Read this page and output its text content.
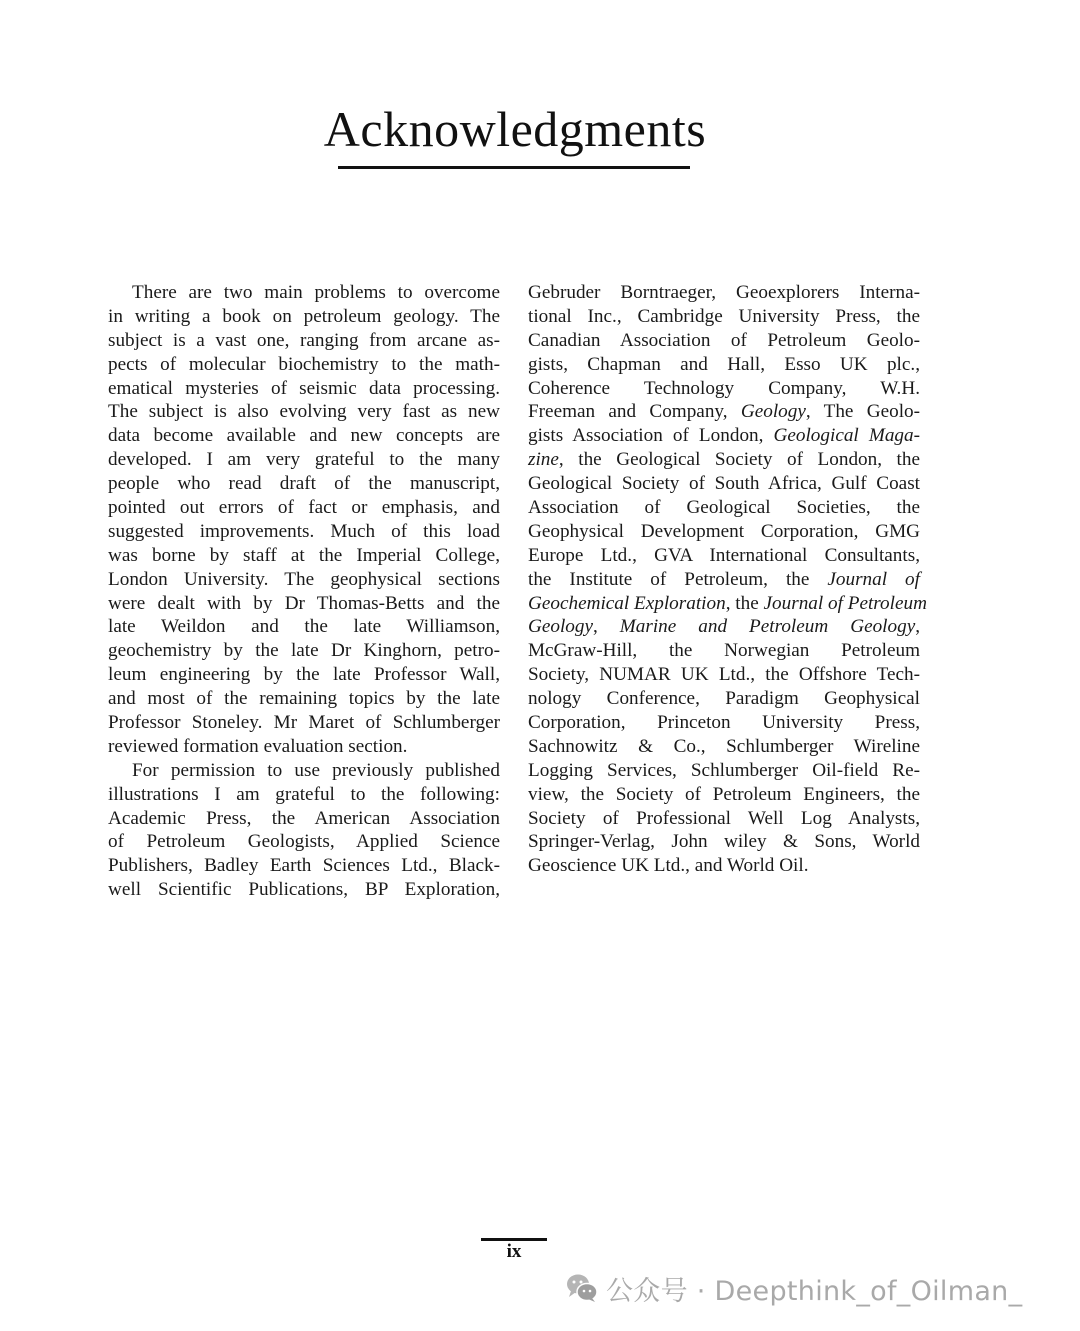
Acknowledgments
There are two main problems to overcome
in writing a book on petroleum geology. The
subject is a vast one, ranging from arcane as-
pects of molecular biochemistry to the math-
ematical mysteries of seismic data processing.
The subject is also evolving very fast as new
data become available and new concepts are
developed. I am very grateful to the many
people who read draft of the manuscript,
pointed out errors of fact or emphasis, and
suggested improvements. Much of this load
was borne by staff at the Imperial College,
London University. The geophysical sections
were dealt with by Dr Thomas-Betts and the
late Weildon and the late Williamson,
geochemistry by the late Dr Kinghorn, petro-
leum engineering by the late Professor Wall,
and most of the remaining topics by the late
Professor Stoneley. Mr Maret of Schlumberger
reviewed formation evaluation section.
For permission to use previously published
illustrations I am grateful to the following:
Academic Press, the American Association
of Petroleum Geologists, Applied Science
Publishers, Badley Earth Sciences Ltd., Black-
well Scientific Publications, BP Exploration,
Gebruder Borntraeger, Geoexplorers Interna-
tional Inc., Cambridge University Press, the
Canadian Association of Petroleum Geolo-
gists, Chapman and Hall, Esso UK plc.,
Coherence Technology Company, W.H.
Freeman and Company, Geology, The Geolo-
gists Association of London, Geological Maga-
zine, the Geological Society of London, the
Geological Society of South Africa, Gulf Coast
Association of Geological Societies, the
Geophysical Development Corporation, GMG
Europe Ltd., GVA International Consultants,
the Institute of Petroleum, the Journal of
Geochemical Exploration, the Journal of Petroleum
Geology, Marine and Petroleum Geology,
McGraw-Hill, the Norwegian Petroleum
Society, NUMAR UK Ltd., the Offshore Tech-
nology Conference, Paradigm Geophysical
Corporation, Princeton University Press,
Sachnowitz & Co., Schlumberger Wireline
Logging Services, Schlumberger Oil-field Re-
view, the Society of Petroleum Engineers, the
Society of Professional Well Log Analysts,
Springer-Verlag, John wiley & Sons, World
Geoscience UK Ltd., and World Oil.
ix
公众号 · Deepthink_of_Oilman_
